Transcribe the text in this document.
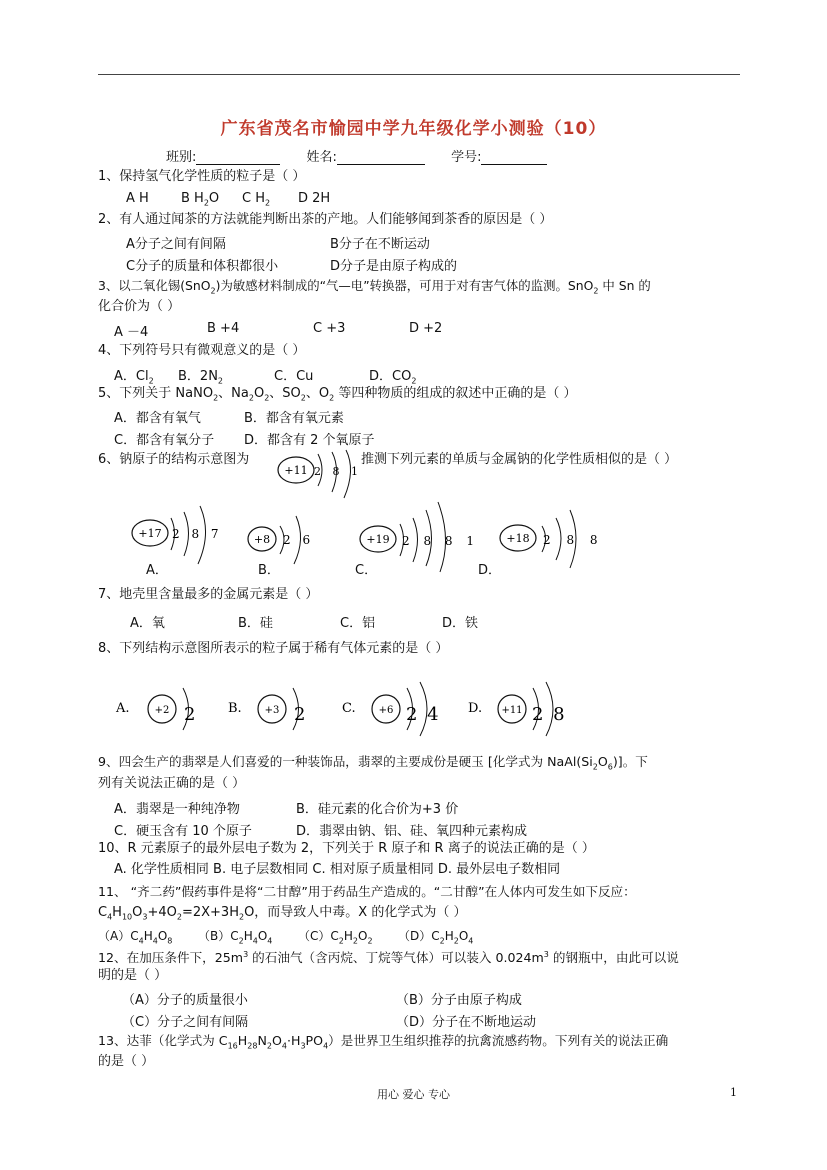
广东省茂名市愉园中学九年级化学小测验（10）
班别:	姓名:	学号:
1、保持氢气化学性质的粒子是（ ）
A H B $H_2O$ C $H_2$ D 2H
2、有人通过闻茶的方法就能判断出茶的产地。人们能够闻到茶香的原因是（ ）
A分子之间有间隔	B分子在不断运动
C分子的质量和体积都很小	D分子是由原子构成的
3、以二氧化锡(SnO$_2$)为敏感材料制成的“气—电”转换器，可用于对有害气体的监测。SnO$_2$ 中 Sn 的
化合价为（ ）
A －4	B +4	C +3	D +2
4、下列符号只有微观意义的是（ ）
A．$Cl_2$ B．$2N_2$	C．Cu	D．$CO_2$
5、下列关于 NaNO$_2$、$Na_2O_2$、$SO_2$、$O_2$ 等四种物质的组成的叙述中正确的是（ ）
A．都含有氧气	B．都含有氧元素
C．都含有氧分子 D．都含有 2 个氧原子
6、钠原子的结构示意图为	推测下列元素的单质与金属钠的化学性质相似的是（ ）
+11 2 8 1
+17 2 8 7
A．
+8 2 6
C．
+19 2 8 8 1 +18 2 8 8
D．
B．
7、地壳里含量最多的金属元素是（ ）
A．氧	B．硅	C．铝	D．铁
8、下列结构示意图所表示的粒子属于稀有气体元素的是（ ）
A.	+2 2	B. +3 2	C. +6 2 4 D. +11 2 8
9、四会生产的翡翠是人们喜爱的一种装饰品，翡翠的主要成份是硬玉 [化学式为 $NaAl(Si_2O_6)$]。下
列有关说法正确的是（ ）
A．翡翠是一种纯净物	B．硅元素的化合价为+3 价
C．硬玉含有 10 个原子	D．翡翠由钠、铝、硅、氧四种元素构成
10、R 元素原子的最外层电子数为 2，下列关于 R 原子和 R 离子的说法正确的是（ ）
A. 化学性质相同 B. 电子层数相同 C. 相对原子质量相同 D. 最外层电子数相同
11、 “齐二药”假药事件是将“二甘醇”用于药品生产造成的。“二甘醇”在人体内可发生如下反应：
$C_4H_{10}O_3+4O_2=2X+3H_2O$，而导致人中毒。X 的化学式为（ ）
$(A)C_4H_4O_8$ $(B)C_2H_4O_4$ $(C)C_2H_2O_2$ $(D)C_2H_2O_4$
12、在加压条件下，$25m^3$ 的石油气（含丙烷、丁烷等气体）可以装入 $0.024m^3$ 的钢瓶中，由此可以说
明的是（ ）
（A）分子的质量很小	（B）分子由原子构成
（C）分子之间有间隔	（D）分子在不断地运动
13、达菲（化学式为 $C_{16}H_{28}N_2O_4\cdot H_3PO_4$）是世界卫生组织推荐的抗禽流感药物。下列有关的说法正确
的是（ ）
用心 爱心 专心	1
